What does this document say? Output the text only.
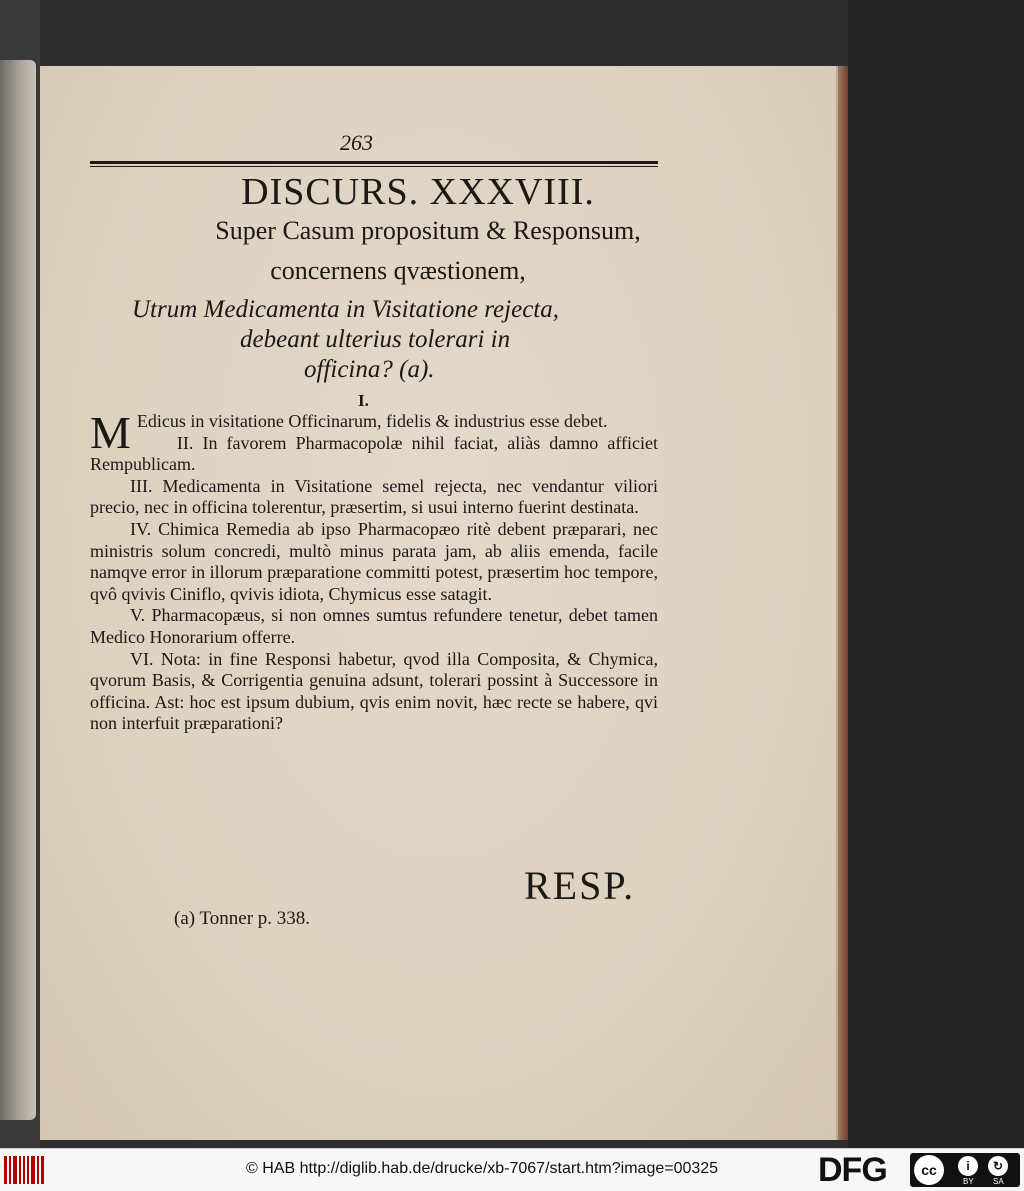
263
DISCURS. XXXVIII.
Super Casum propositum & Responsum,
concernens qvæstionem,
Utrum Medicamenta in Visitatione rejecta,
debeant ulterius tolerari in
officina? (a).
I.

M Edicus in visitatione Officinarum, fidelis & industrius esse debet.

II. In favorem Pharmacopolæ nihil faciat, aliàs damno afficiet Rempublicam.

III. Medicamenta in Visitatione semel rejecta, nec vendantur viliori precio, nec in officina tolerentur, præsertim, si usui interno fuerint destinata.

IV. Chimica Remedia ab ipso Pharmacopæo ritè debent præparari, nec ministris solum concredi, multò minus parata jam, ab aliis emenda, facile namqve error in illorum præparatione committi potest, præsertim hoc tempore, qvô qvivis Ciniflo, qvivis idiota, Chymicus esse satagit.

V. Pharmacopæus, si non omnes sumtus refundere tenetur, debet tamen Medico Honorarium offerre.

VI. Nota: in fine Responsi habetur, qvod illa Composita, & Chymica, qvorum Basis, & Corrigentia genuina adsunt, tolerari possint à Successore in officina. Ast: hoc est ipsum dubium, qvis enim novit, hæc recte se habere, qvi non interfuit præparationi?

RESP.
(a) Tonner p. 338.
© HAB http://diglib.hab.de/drucke/xb-7067/start.htm?image=00325	DFG	cc	i	↻
BY SA
